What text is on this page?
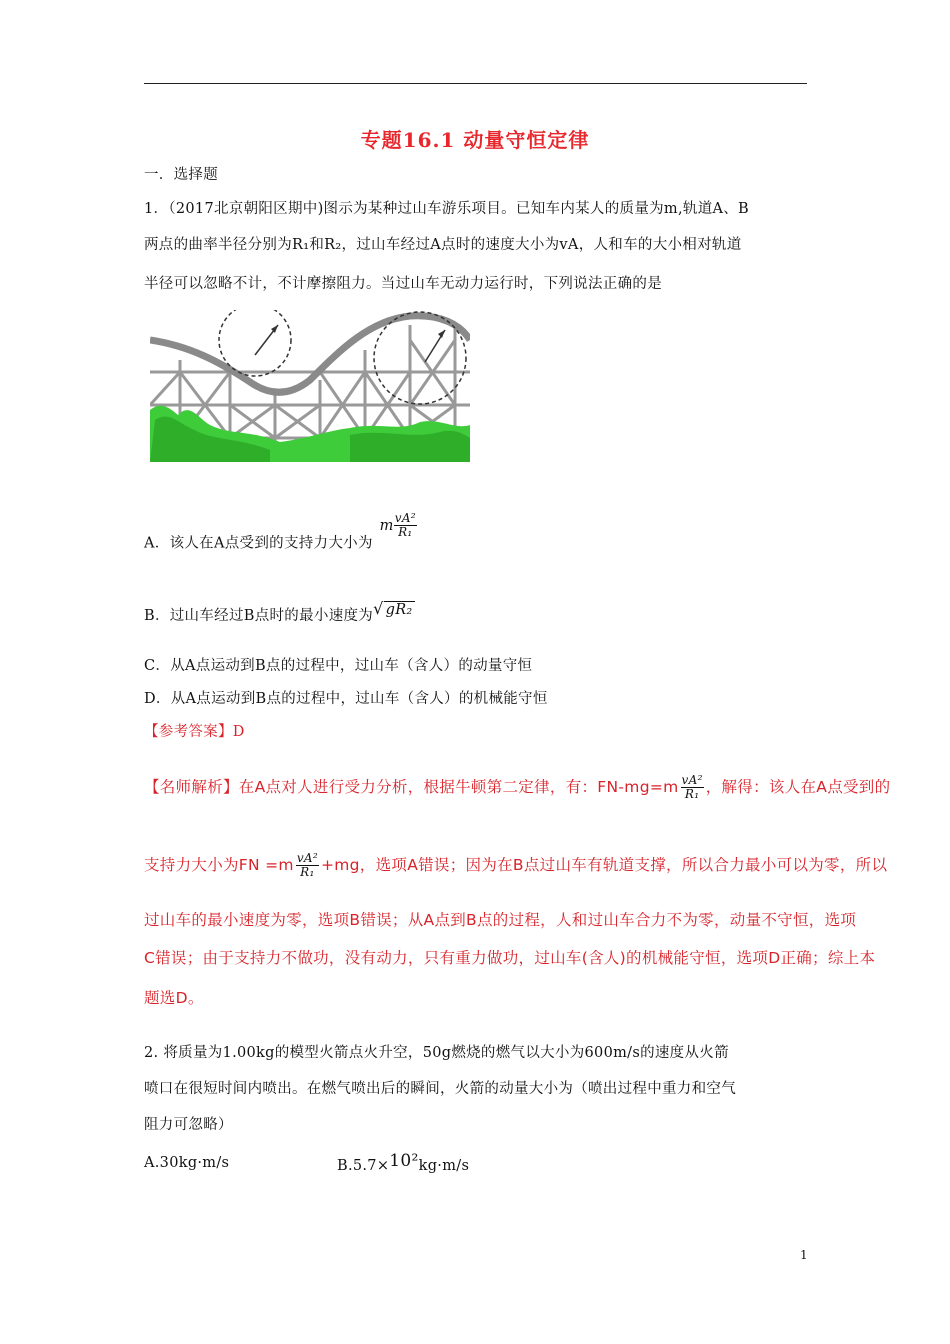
专题16.1 动量守恒定律
一．选择题
1．（2017北京朝阳区期中)图示为某种过山车游乐项目。已知车内某人的质量为m,轨道A、B
两点的曲率半径分别为R₁和R₂，过山车经过A点时的速度大小为vA，人和车的大小相对轨道
半径可以忽略不计，不计摩擦阻力。当过山车无动力运行时，下列说法正确的是
A．该人在A点受到的支持力大小为 m $\frac{\text{vA²}}{\text{R₁}}$
B．过山车经过B点时的最小速度为√ gR₂
C．从A点运动到B点的过程中，过山车（含人）的动量守恒
D．从A点运动到B点的过程中，过山车（含人）的机械能守恒
【参考答案】D
【名师解析】在A点对人进行受力分析，根据牛顿第二定律，有：$FN-mg=m \frac{\text{vA²}}{\text{R₁}}$ ，解得：该人在A点受到的
支持力大小为FN $=m \frac{\text{vA²}}{\text{R₁}} +mg$，选项A错误；因为在B点过山车有轨道支撑，所以合力最小可以为零，所以
过山车的最小速度为零，选项B错误；从A点到B点的过程，人和过山车合力不为零，动量不守恒，选项
C错误；由于支持力不做功，没有动力，只有重力做功，过山车(含人)的机械能守恒，选项D正确；综上本
题选D。
2. 将质量为1.00kg的模型火箭点火升空，50g燃烧的燃气以大小为600m/s的速度从火箭
喷口在很短时间内喷出。在燃气喷出后的瞬间，火箭的动量大小为（喷出过程中重力和空气
阻力可忽略）
A.30kg·m/s	B.5.7×10²kg·m/s
1
